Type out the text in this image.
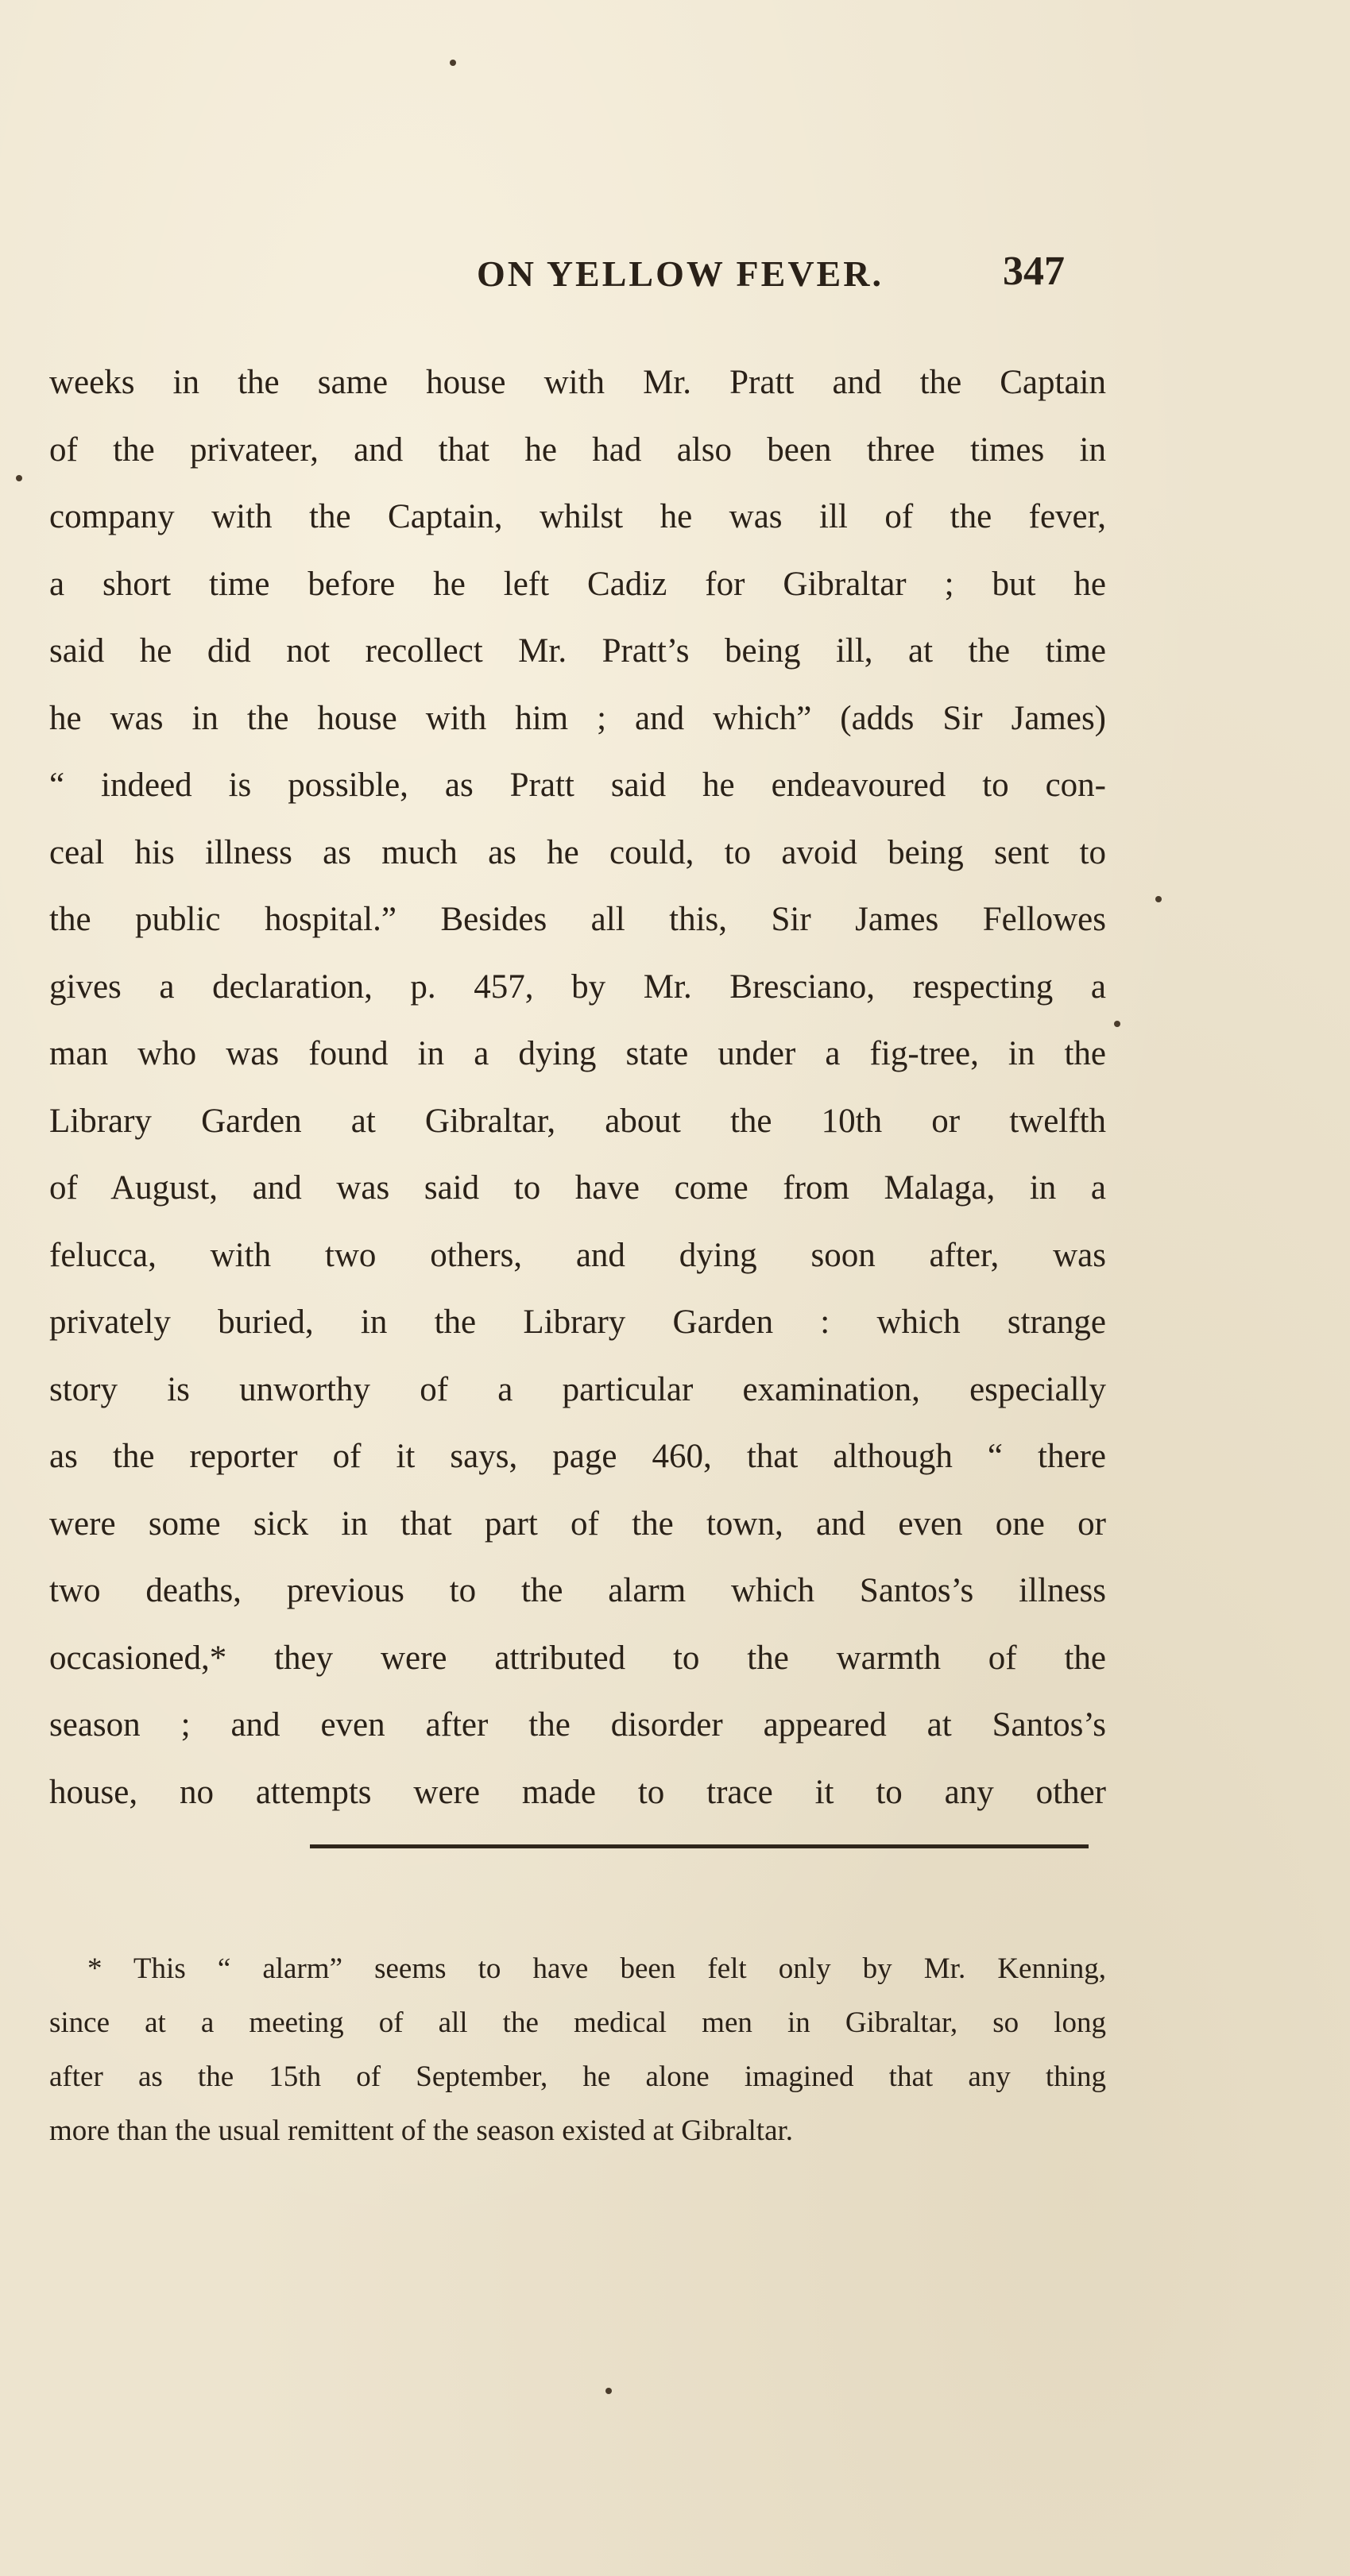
ON YELLOW FEVER.	347
weeks in the same house with Mr. Pratt and the Captain
of the privateer, and that he had also been three times in
company with the Captain, whilst he was ill of the fever,
a short time before he left Cadiz for Gibraltar ; but he
said he did not recollect Mr. Pratt’s being ill, at the time
he was in the house with him ; and which” (adds Sir James)
“ indeed is possible, as Pratt said he endeavoured to con-
ceal his illness as much as he could, to avoid being sent to
the public hospital.” Besides all this, Sir James Fellowes
gives a declaration, p. 457, by Mr. Bresciano, respecting a
man who was found in a dying state under a fig-tree, in the
Library Garden at Gibraltar, about the 10th or twelfth
of August, and was said to have come from Malaga, in a
felucca, with two others, and dying soon after, was
privately buried, in the Library Garden : which strange
story is unworthy of a particular examination, especially
as the reporter of it says, page 460, that although “ there
were some sick in that part of the town, and even one or
two deaths, previous to the alarm which Santos’s illness
occasioned,* they were attributed to the warmth of the
season ; and even after the disorder appeared at Santos’s
house, no attempts were made to trace it to any other
* This “ alarm” seems to have been felt only by Mr. Kenning,
since at a meeting of all the medical men in Gibraltar, so long
after as the 15th of September, he alone imagined that any thing
more than the usual remittent of the season existed at Gibraltar.
